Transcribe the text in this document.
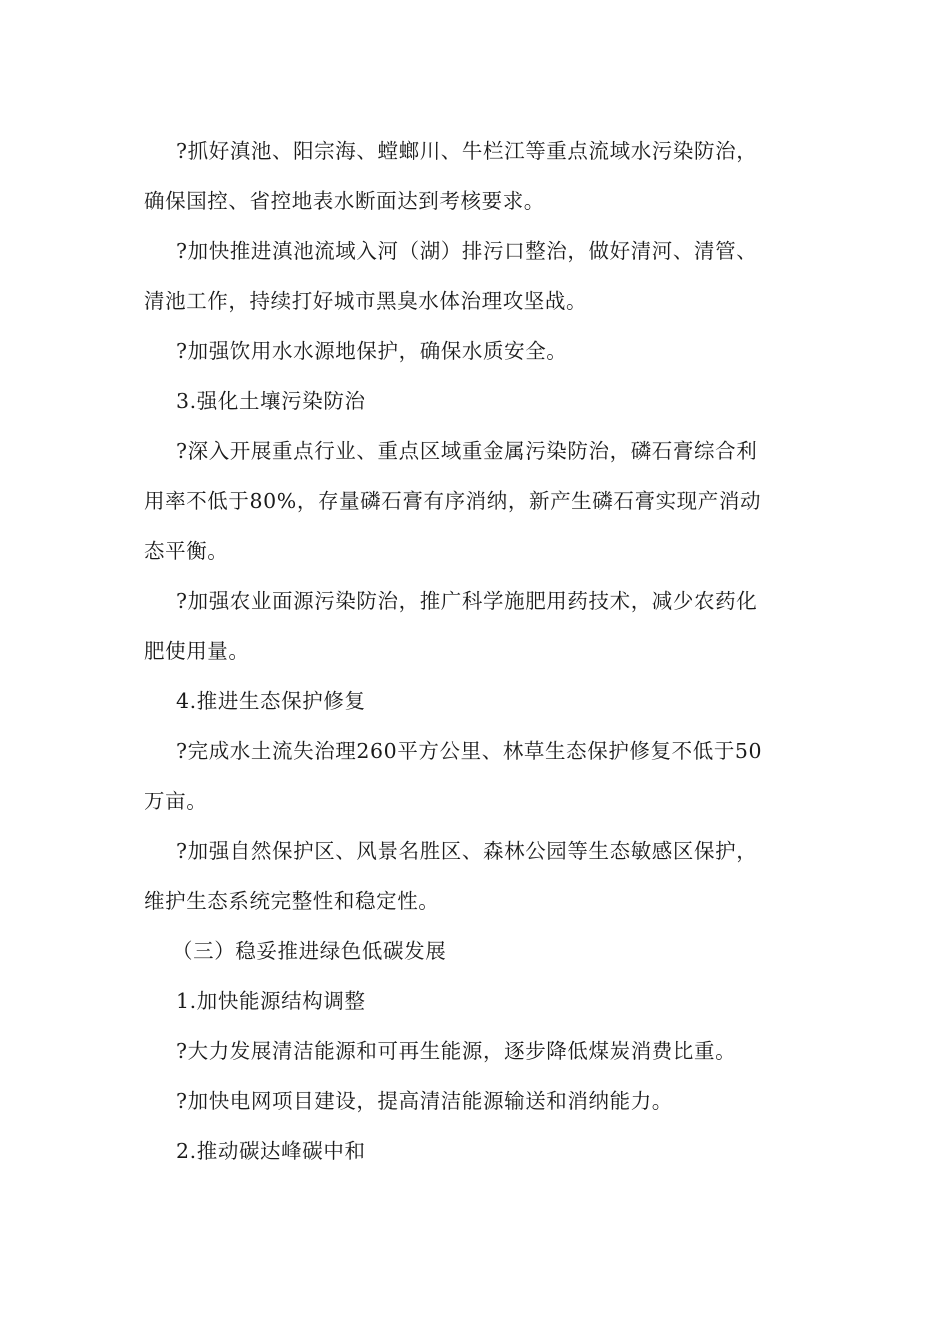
?抓好滇池、阳宗海、螳螂川、牛栏江等重点流域水污染防治，
确保国控、省控地表水断面达到考核要求。

?加快推进滇池流域入河（湖）排污口整治，做好清河、清管、
清池工作，持续打好城市黑臭水体治理攻坚战。

?加强饮用水水源地保护，确保水质安全。

3.强化土壤污染防治

?深入开展重点行业、重点区域重金属污染防治，磷石膏综合利
用率不低于80%，存量磷石膏有序消纳，新产生磷石膏实现产消动
态平衡。

?加强农业面源污染防治，推广科学施肥用药技术，减少农药化
肥使用量。

4.推进生态保护修复

?完成水土流失治理260平方公里、林草生态保护修复不低于50
万亩。

?加强自然保护区、风景名胜区、森林公园等生态敏感区保护，
维护生态系统完整性和稳定性。

（三）稳妥推进绿色低碳发展

1.加快能源结构调整

?大力发展清洁能源和可再生能源，逐步降低煤炭消费比重。

?加快电网项目建设，提高清洁能源输送和消纳能力。

2.推动碳达峰碳中和
